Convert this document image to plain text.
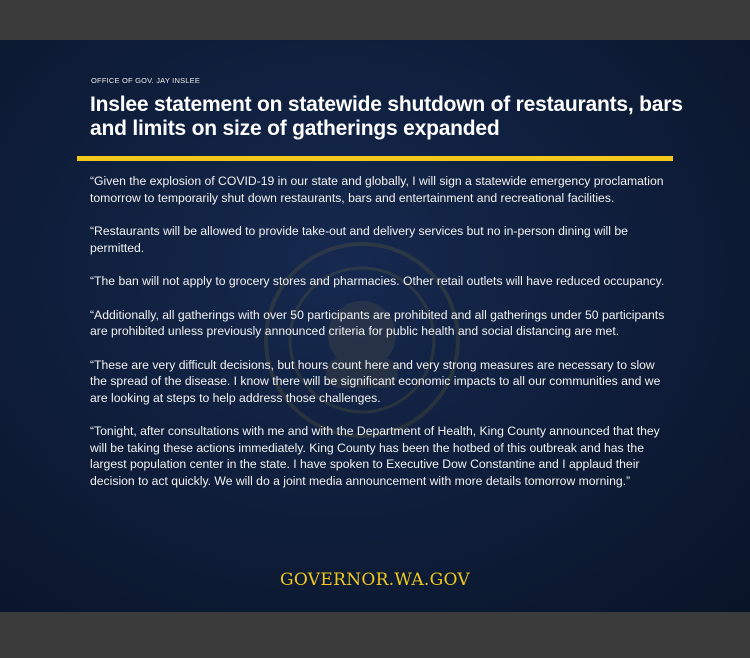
OFFICE OF GOV. JAY INSLEE
Inslee statement on statewide shutdown of restaurants, bars and limits on size of gatherings expanded

“Given the explosion of COVID-19 in our state and globally, I will sign a statewide emergency proclamation tomorrow to temporarily shut down restaurants, bars and entertainment and recreational facilities.

“Restaurants will be allowed to provide take-out and delivery services but no in-person dining will be permitted.

“The ban will not apply to grocery stores and pharmacies. Other retail outlets will have reduced occupancy.

“Additionally, all gatherings with over 50 participants are prohibited and all gatherings under 50 participants are prohibited unless previously announced criteria for public health and social distancing are met.

“These are very difficult decisions, but hours count here and very strong measures are necessary to slow the spread of the disease. I know there will be significant economic impacts to all our communities and we are looking at steps to help address those challenges.

“Tonight, after consultations with me and with the Department of Health, King County announced that they will be taking these actions immediately. King County has been the hotbed of this outbreak and has the largest population center in the state. I have spoken to Executive Dow Constantine and I applaud their decision to act quickly. We will do a joint media announcement with more details tomorrow morning.”

GOVERNOR.WA.GOV
